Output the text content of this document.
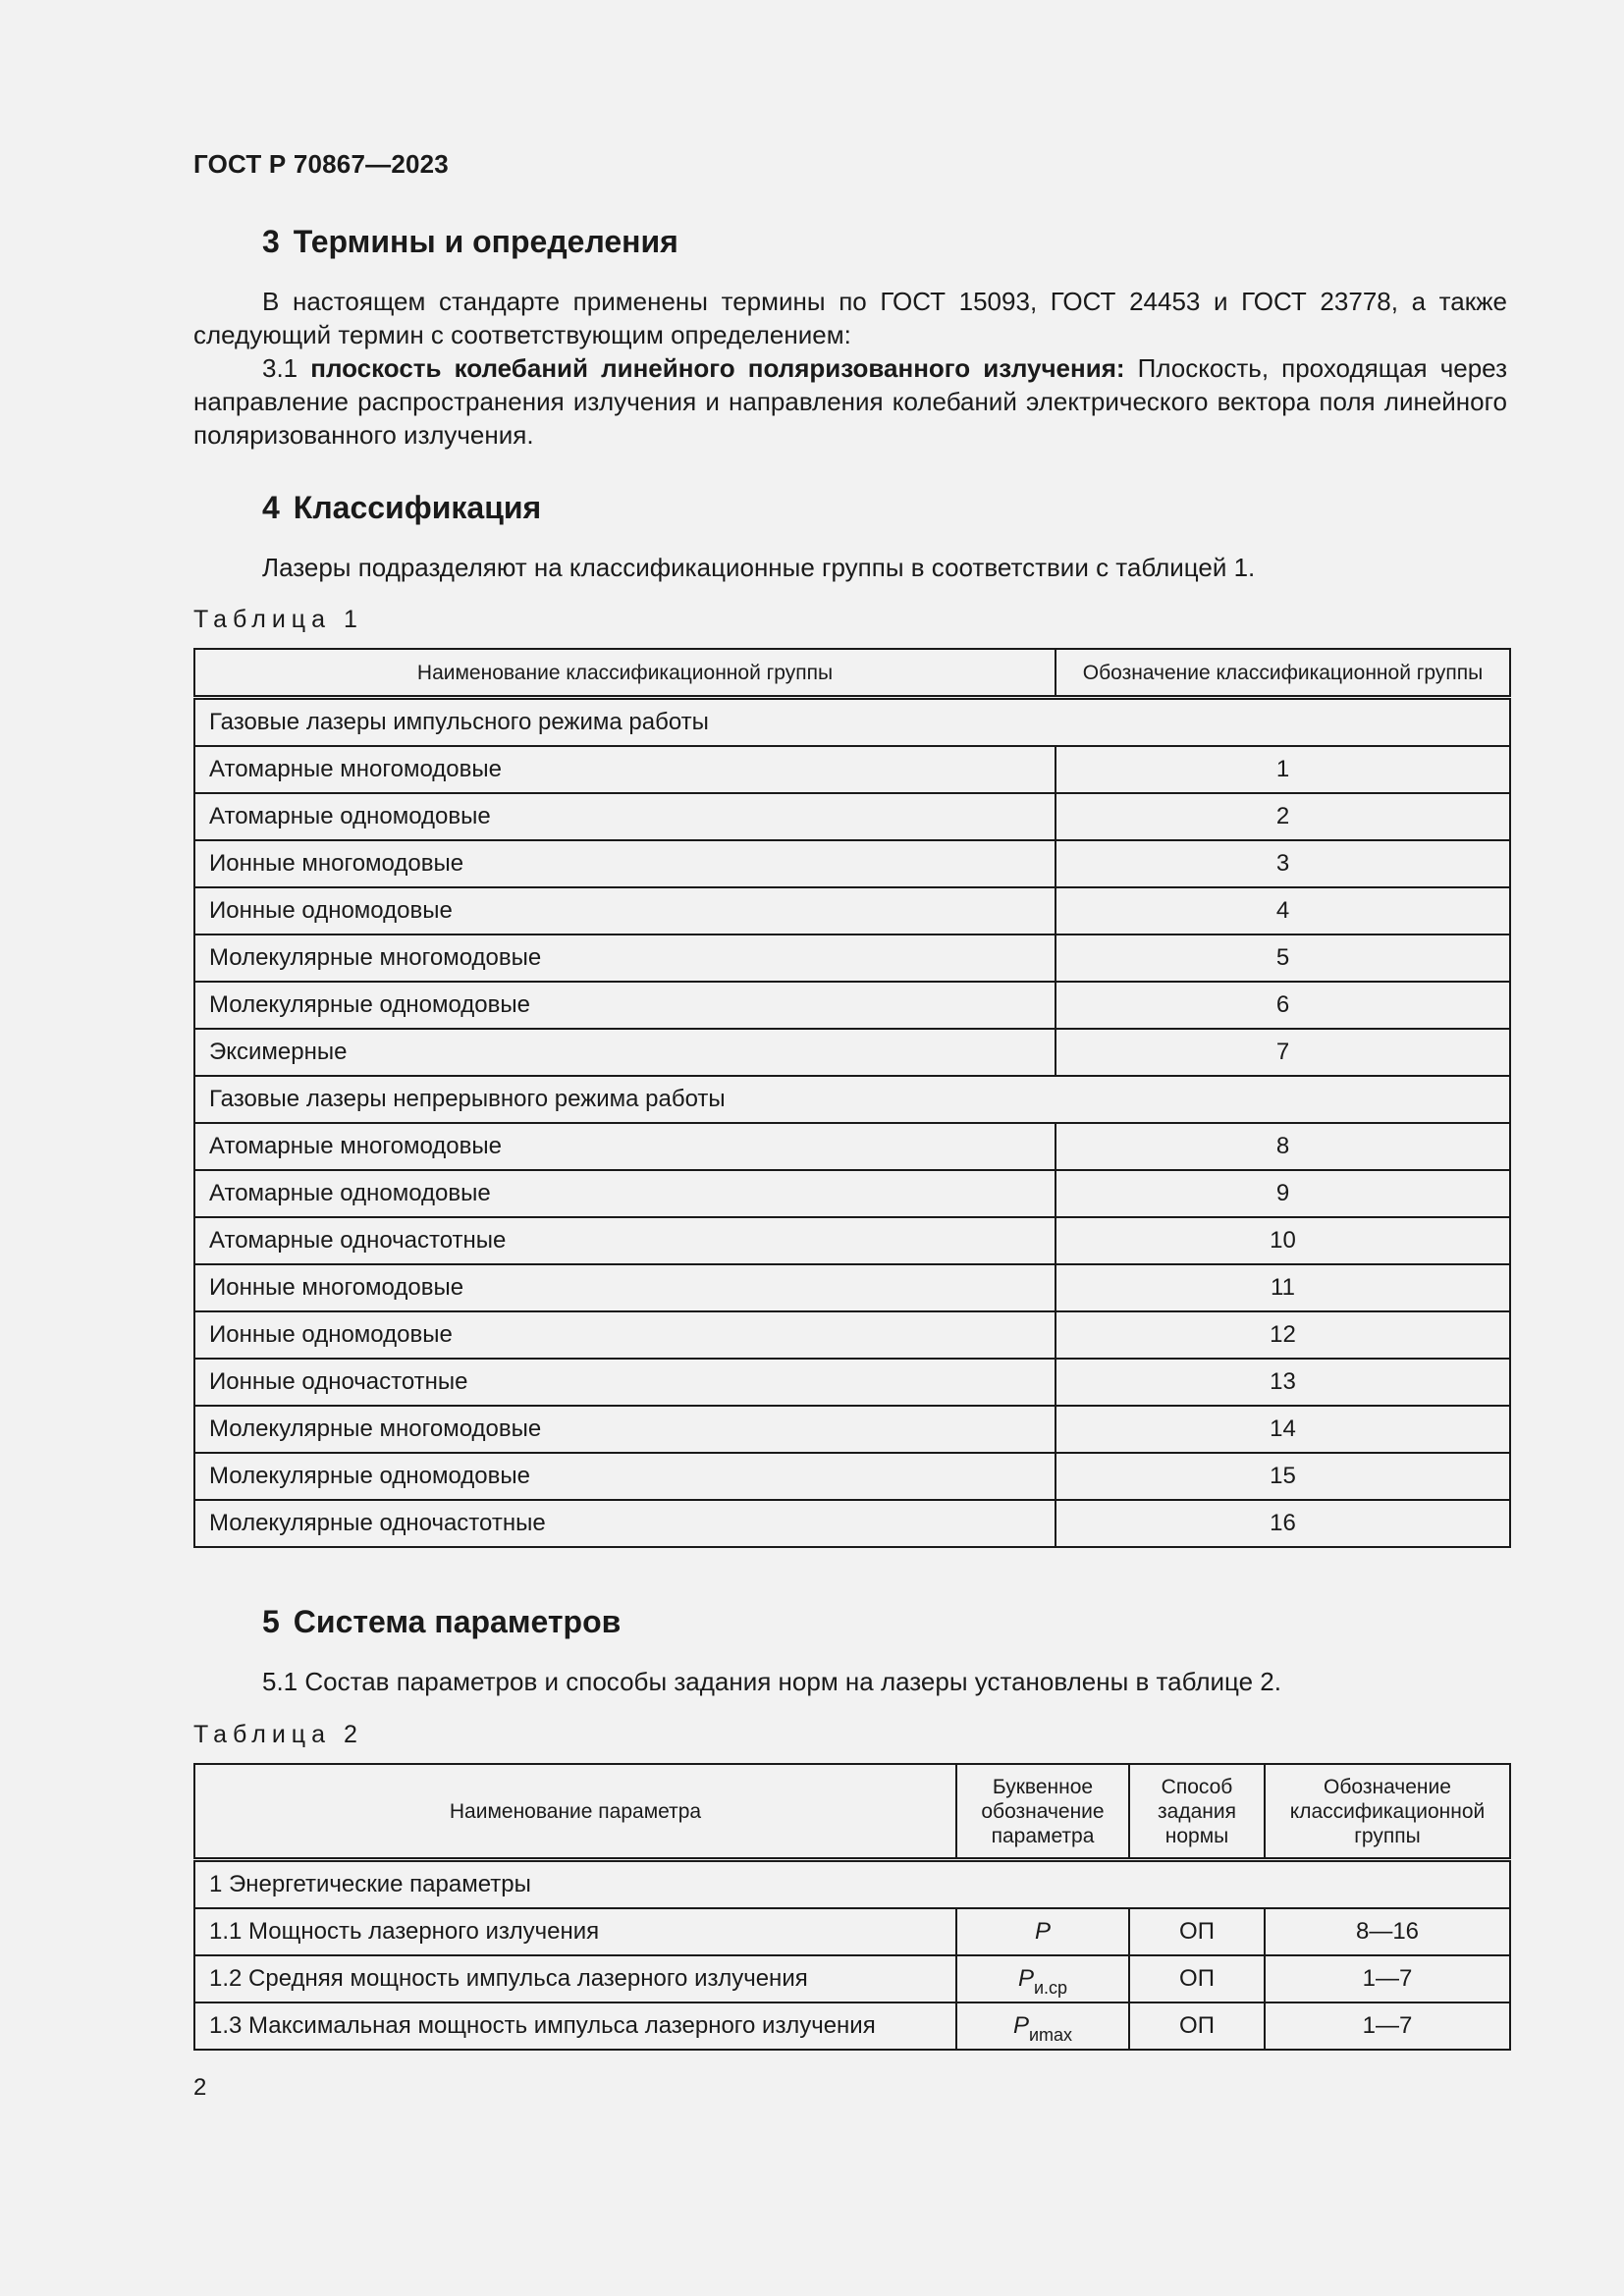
ГОСТ Р 70867—2023
3 Термины и определения
В настоящем стандарте применены термины по ГОСТ 15093, ГОСТ 24453 и ГОСТ 23778, а также следующий термин с соответствующим определением:
3.1 плоскость колебаний линейного поляризованного излучения: Плоскость, проходящая через направление распространения излучения и направления колебаний электрического вектора поля линейного поляризованного излучения.
4 Классификация
Лазеры подразделяют на классификационные группы в соответствии с таблицей 1.
Таблица 1
Наименование классификационной группы	Обозначение классификационной группы
Газовые лазеры импульсного режима работы	
Атомарные многомодовые	1
Атомарные одномодовые	2
Ионные многомодовые	3
Ионные одномодовые	4
Молекулярные многомодовые	5
Молекулярные одномодовые	6
Эксимерные	7
Газовые лазеры непрерывного режима работы	
Атомарные многомодовые	8
Атомарные одномодовые	9
Атомарные одночастотные	10
Ионные многомодовые	11
Ионные одномодовые	12
Ионные одночастотные	13
Молекулярные многомодовые	14
Молекулярные одномодовые	15
Молекулярные одночастотные	16
5 Система параметров
5.1 Состав параметров и способы задания норм на лазеры установлены в таблице 2.
Таблица 2
Наименование параметра	Буквенное обозначение параметра	Способ задания нормы	Обозначение классификационной группы
1 Энергетические параметры			
1.1 Мощность лазерного излучения	P	ОП	8—16
1.2 Средняя мощность импульса лазерного излучения	$P_{и.ср}$	ОП	1—7
1.3 Максимальная мощность импульса лазерного излучения	$P_{иmax}$	ОП	1—7
2
